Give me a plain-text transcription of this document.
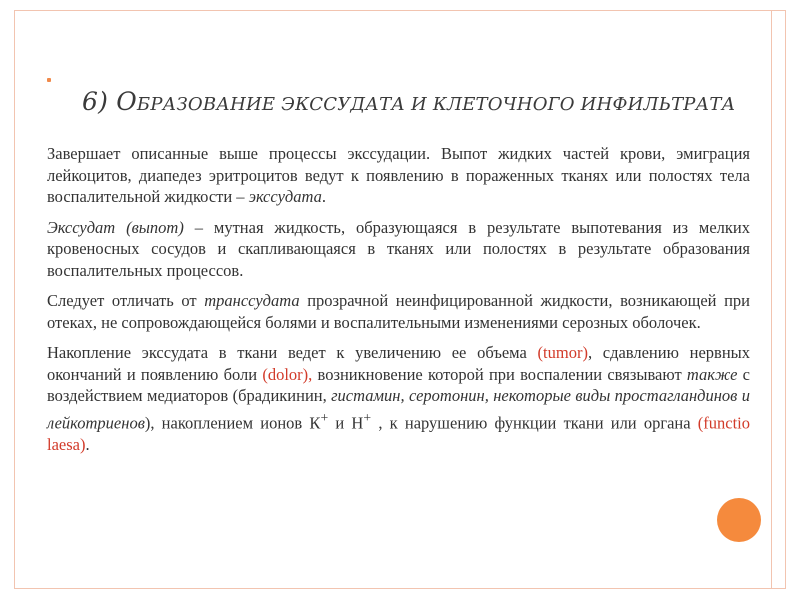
6) ОБРАЗОВАНИЕ ЭКССУДАТА И КЛЕТОЧНОГО ИНФИЛЬТРАТА

Завершает описанные выше процессы экссудации. Выпот жидких частей крови, эмиграция лейкоцитов, диапедез эритроцитов ведут к появлению в пораженных тканях или полостях тела воспалительной жидкости – экссудата.

Экссудат (выпот) – мутная жидкость, образующаяся в результате выпотевания из мелких кровеносных сосудов и скапливающаяся в тканях или полостях в результате образования воспалительных процессов.

Следует отличать от транссудата прозрачной неинфицированной жидкости, возникающей при отеках, не сопровождающейся болями и воспалительными изменениями серозных оболочек.

Накопление экссудата в ткани ведет к увеличению ее объема (tumor), сдавлению нервных окончаний и появлению боли (dolor), возникновение которой при воспалении связывают также с воздействием медиаторов (брадикинин, гистамин, серотонин, некоторые виды простагландинов и лейкотриенов), накоплением ионов К+ и Н+ , к нарушению функции ткани или органа (functio laesa).
